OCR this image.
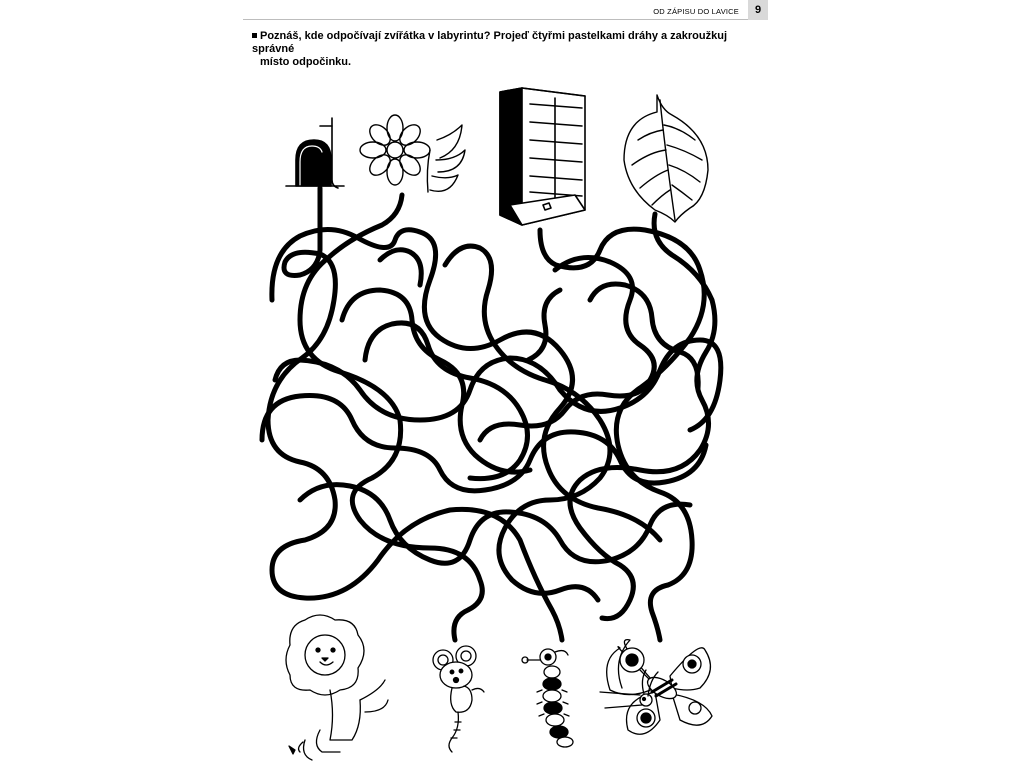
OD ZÁPISU DO LAVICE	9
Poznáš, kde odpočívají zvířátka v labyrintu? Projeď čtyřmi pastelkami dráhy a zakroužkuj správné
místo odpočinku.
ZOO
